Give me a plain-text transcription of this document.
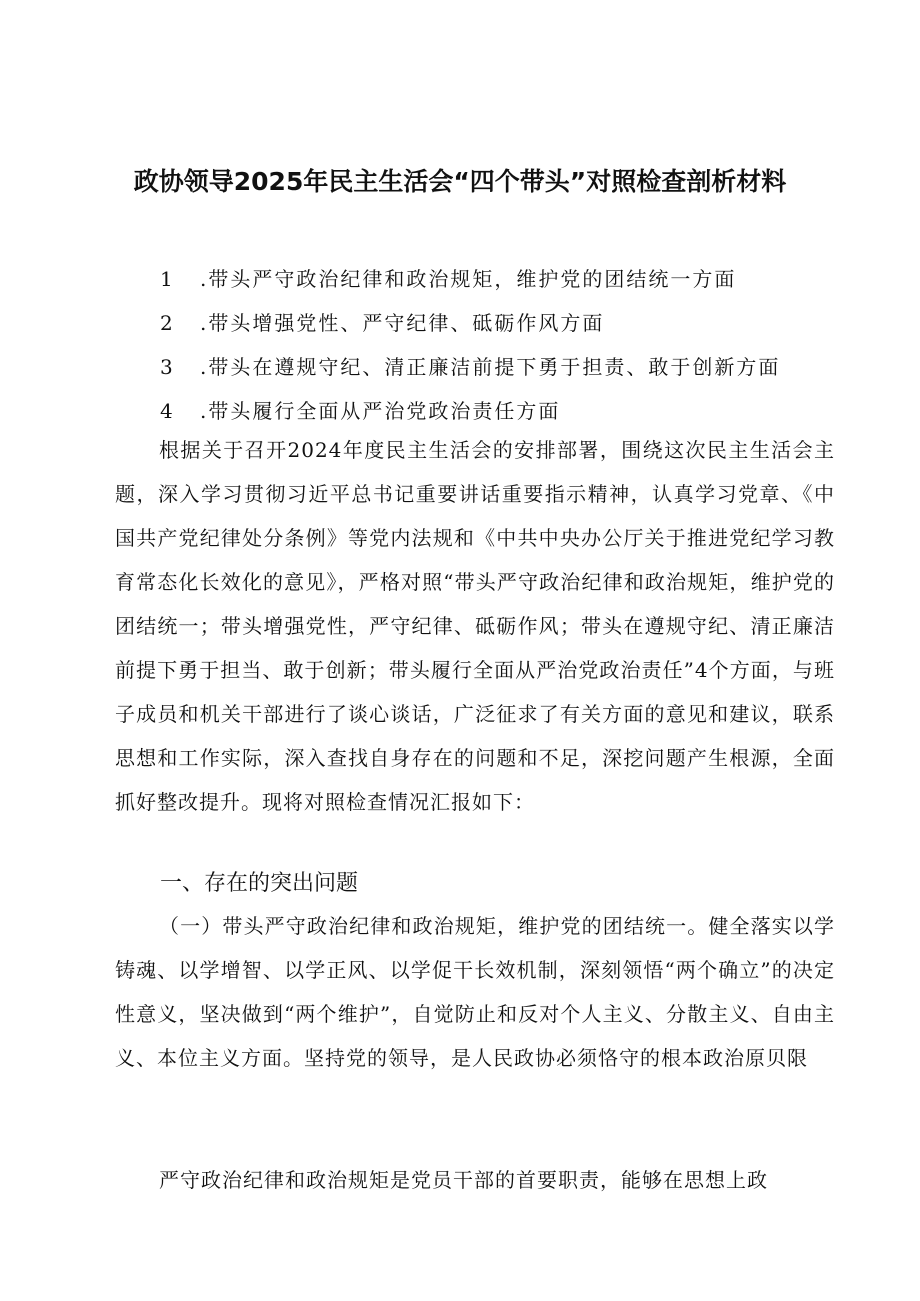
政协领导2025年民主生活会“四个带头”对照检查剖析材料
1 .带头严守政治纪律和政治规矩，维护党的团结统一方面
2 .带头增强党性、严守纪律、砥砺作风方面
3 .带头在遵规守纪、清正廉洁前提下勇于担责、敢于创新方面
4 .带头履行全面从严治党政治责任方面
根据关于召开2024年度民主生活会的安排部署，围绕这次民主生活会主题，深入学习贯彻习近平总书记重要讲话重要指示精神，认真学习党章、《中国共产党纪律处分条例》等党内法规和《中共中央办公厅关于推进党纪学习教育常态化长效化的意见》，严格对照“带头严守政治纪律和政治规矩，维护党的团结统一；带头增强党性，严守纪律、砥砺作风；带头在遵规守纪、清正廉洁前提下勇于担当、敢于创新；带头履行全面从严治党政治责任”4个方面，与班子成员和机关干部进行了谈心谈话，广泛征求了有关方面的意见和建议，联系思想和工作实际，深入查找自身存在的问题和不足，深挖问题产生根源，全面抓好整改提升。现将对照检查情况汇报如下：
一、存在的突出问题
（一）带头严守政治纪律和政治规矩，维护党的团结统一。健全落实以学铸魂、以学增智、以学正风、以学促干长效机制，深刻领悟“两个确立”的决定性意义，坚决做到“两个维护”，自觉防止和反对个人主义、分散主义、自由主义、本位主义方面。坚持党的领导，是人民政协必须恪守的根本政治原贝限
严守政治纪律和政治规矩是党员干部的首要职责，能够在思想上政
